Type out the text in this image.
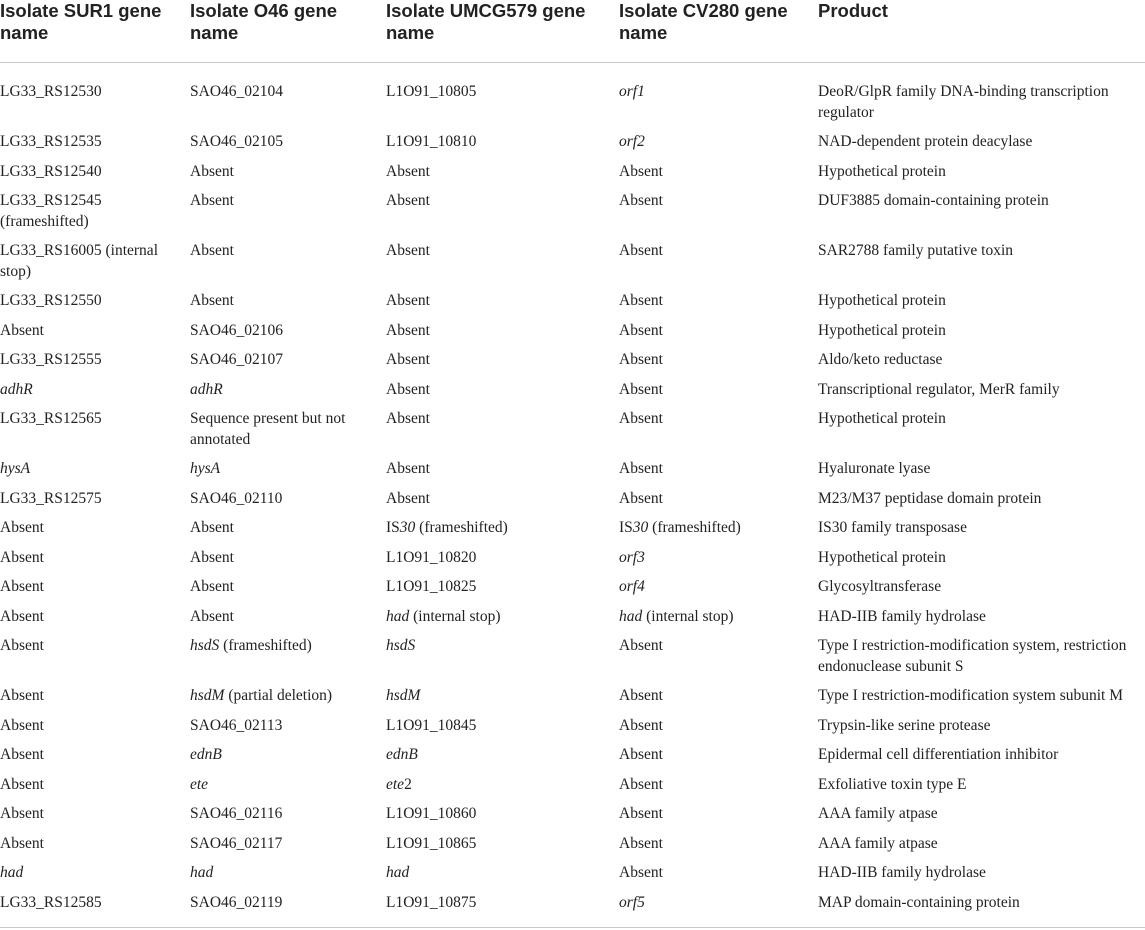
Isolate SUR1 gene name	Isolate O46 gene name	Isolate UMCG579 gene name	Isolate CV280 gene name	Product
LG33_RS12530	SAO46_02104	L1O91_10805	orf1	DeoR/GlpR family DNA-binding transcription regulator
LG33_RS12535	SAO46_02105	L1O91_10810	orf2	NAD-dependent protein deacylase
LG33_RS12540	Absent	Absent	Absent	Hypothetical protein
LG33_RS12545 (frameshifted)	Absent	Absent	Absent	DUF3885 domain-containing protein
LG33_RS16005 (internal stop)	Absent	Absent	Absent	SAR2788 family putative toxin
LG33_RS12550	Absent	Absent	Absent	Hypothetical protein
Absent	SAO46_02106	Absent	Absent	Hypothetical protein
LG33_RS12555	SAO46_02107	Absent	Absent	Aldo/keto reductase
adhR	adhR	Absent	Absent	Transcriptional regulator, MerR family
LG33_RS12565	Sequence present but not annotated	Absent	Absent	Hypothetical protein
hysA	hysA	Absent	Absent	Hyaluronate lyase
LG33_RS12575	SAO46_02110	Absent	Absent	M23/M37 peptidase domain protein
Absent	Absent	IS30 (frameshifted)	IS30 (frameshifted)	IS30 family transposase
Absent	Absent	L1O91_10820	orf3	Hypothetical protein
Absent	Absent	L1O91_10825	orf4	Glycosyltransferase
Absent	Absent	had (internal stop)	had (internal stop)	HAD-IIB family hydrolase
Absent	hsdS (frameshifted)	hsdS	Absent	Type I restriction-modification system, restriction endonuclease subunit S
Absent	hsdM (partial deletion)	hsdM	Absent	Type I restriction-modification system subunit M
Absent	SAO46_02113	L1O91_10845	Absent	Trypsin-like serine protease
Absent	ednB	ednB	Absent	Epidermal cell differentiation inhibitor
Absent	ete	ete2	Absent	Exfoliative toxin type E
Absent	SAO46_02116	L1O91_10860	Absent	AAA family atpase
Absent	SAO46_02117	L1O91_10865	Absent	AAA family atpase
had	had	had	Absent	HAD-IIB family hydrolase
LG33_RS12585	SAO46_02119	L1O91_10875	orf5	MAP domain-containing protein
